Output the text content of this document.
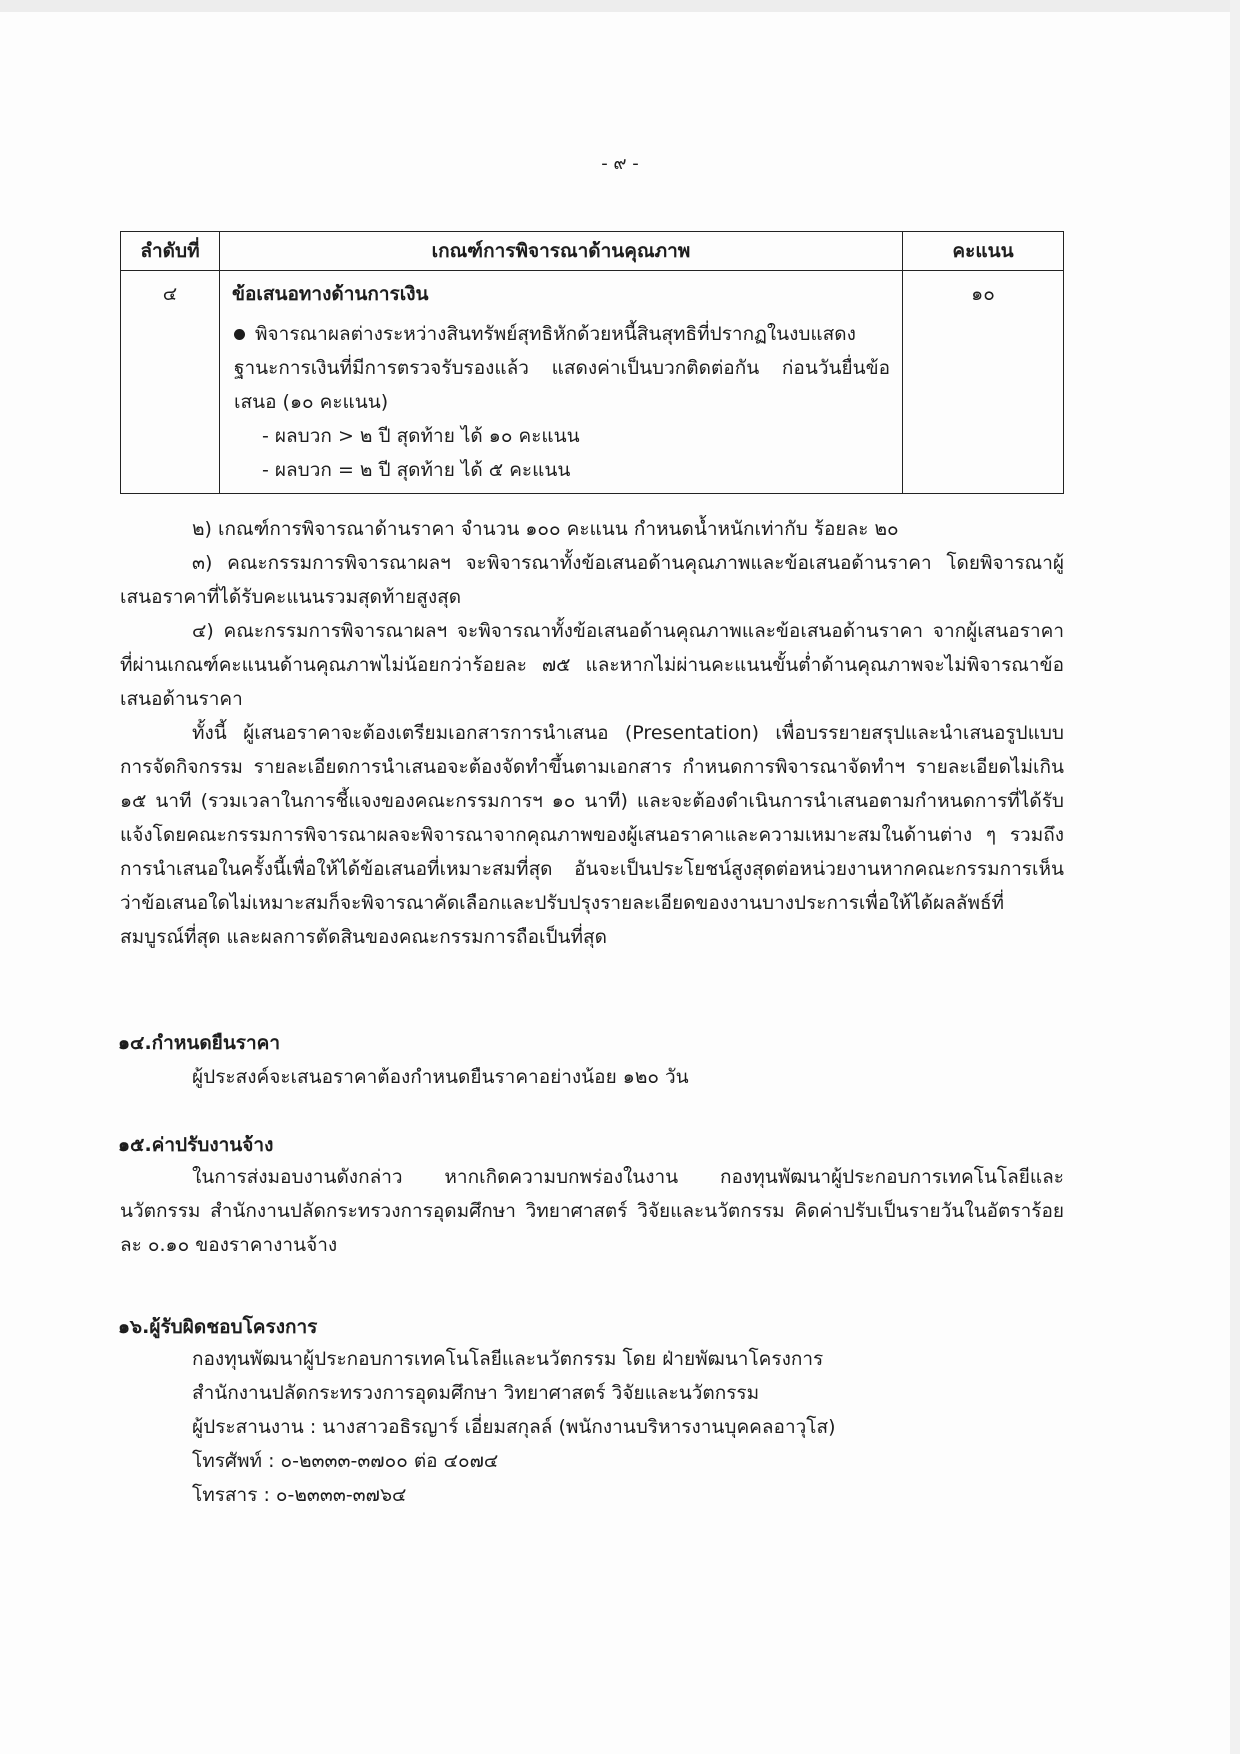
- ๙ -
ลำดับที่	เกณฑ์การพิจารณาด้านคุณภาพ	คะแนน
๔	ข้อเสนอทางด้านการเงิน
พิจารณาผลต่างระหว่างสินทรัพย์สุทธิหักด้วยหนี้สินสุทธิที่ปรากฏในงบแสดงฐานะการเงินที่มีการตรวจรับรองแล้ว แสดงค่าเป็นบวกติดต่อกัน ก่อนวันยื่นข้อเสนอ (๑๐ คะแนน)
- ผลบวก > ๒ ปี สุดท้าย ได้ ๑๐ คะแนน
- ผลบวก = ๒ ปี สุดท้าย ได้ ๕ คะแนน	๑๐

๒) เกณฑ์การพิจารณาด้านราคา จำนวน ๑๐๐ คะแนน กำหนดน้ำหนักเท่ากับ ร้อยละ ๒๐

๓) คณะกรรมการพิจารณาผลฯ จะพิจารณาทั้งข้อเสนอด้านคุณภาพและข้อเสนอด้านราคา โดยพิจารณาผู้เสนอราคาที่ได้รับคะแนนรวมสุดท้ายสูงสุด

๔) คณะกรรมการพิจารณาผลฯ จะพิจารณาทั้งข้อเสนอด้านคุณภาพและข้อเสนอด้านราคา จากผู้เสนอราคาที่ผ่านเกณฑ์คะแนนด้านคุณภาพไม่น้อยกว่าร้อยละ ๗๕ และหากไม่ผ่านคะแนนขั้นต่ำด้านคุณภาพจะไม่พิจารณาข้อเสนอด้านราคา

ทั้งนี้ ผู้เสนอราคาจะต้องเตรียมเอกสารการนำเสนอ (Presentation) เพื่อบรรยายสรุปและนำเสนอรูปแบบการจัดกิจกรรม รายละเอียดการนำเสนอจะต้องจัดทำขึ้นตามเอกสาร กำหนดการพิจารณาจัดทำฯ รายละเอียดไม่เกิน ๑๕ นาที (รวมเวลาในการชี้แจงของคณะกรรมการฯ ๑๐ นาที) และจะต้องดำเนินการนำเสนอตามกำหนดการที่ได้รับแจ้งโดยคณะกรรมการพิจารณาผลจะพิจารณาจากคุณภาพของผู้เสนอราคาและความเหมาะสมในด้านต่าง ๆ รวมถึงการนำเสนอในครั้งนี้เพื่อให้ได้ข้อเสนอที่เหมาะสมที่สุด อันจะเป็นประโยชน์สูงสุดต่อหน่วยงานหากคณะกรรมการเห็นว่าข้อเสนอใดไม่เหมาะสมก็จะพิจารณาคัดเลือกและปรับปรุงรายละเอียดของงานบางประการเพื่อให้ได้ผลลัพธ์ที่สมบูรณ์ที่สุด และผลการตัดสินของคณะกรรมการถือเป็นที่สุด

๑๔.กำหนดยืนราคา
ผู้ประสงค์จะเสนอราคาต้องกำหนดยืนราคาอย่างน้อย ๑๒๐ วัน
๑๕.ค่าปรับงานจ้าง

ในการส่งมอบงานดังกล่าว หากเกิดความบกพร่องในงาน กองทุนพัฒนาผู้ประกอบการเทคโนโลยีและนวัตกรรม สำนักงานปลัดกระทรวงการอุดมศึกษา วิทยาศาสตร์ วิจัยและนวัตกรรม คิดค่าปรับเป็นรายวันในอัตราร้อยละ ๐.๑๐ ของราคางานจ้าง

๑๖.ผู้รับผิดชอบโครงการ
กองทุนพัฒนาผู้ประกอบการเทคโนโลยีและนวัตกรรม โดย ฝ่ายพัฒนาโครงการ
สำนักงานปลัดกระทรวงการอุดมศึกษา วิทยาศาสตร์ วิจัยและนวัตกรรม
ผู้ประสานงาน : นางสาวอธิรญาร์ เอี่ยมสกุลล์ (พนักงานบริหารงานบุคคลอาวุโส)
โทรศัพท์ : ๐-๒๓๓๓-๓๗๐๐ ต่อ ๔๐๗๔
โทรสาร : ๐-๒๓๓๓-๓๗๖๔
